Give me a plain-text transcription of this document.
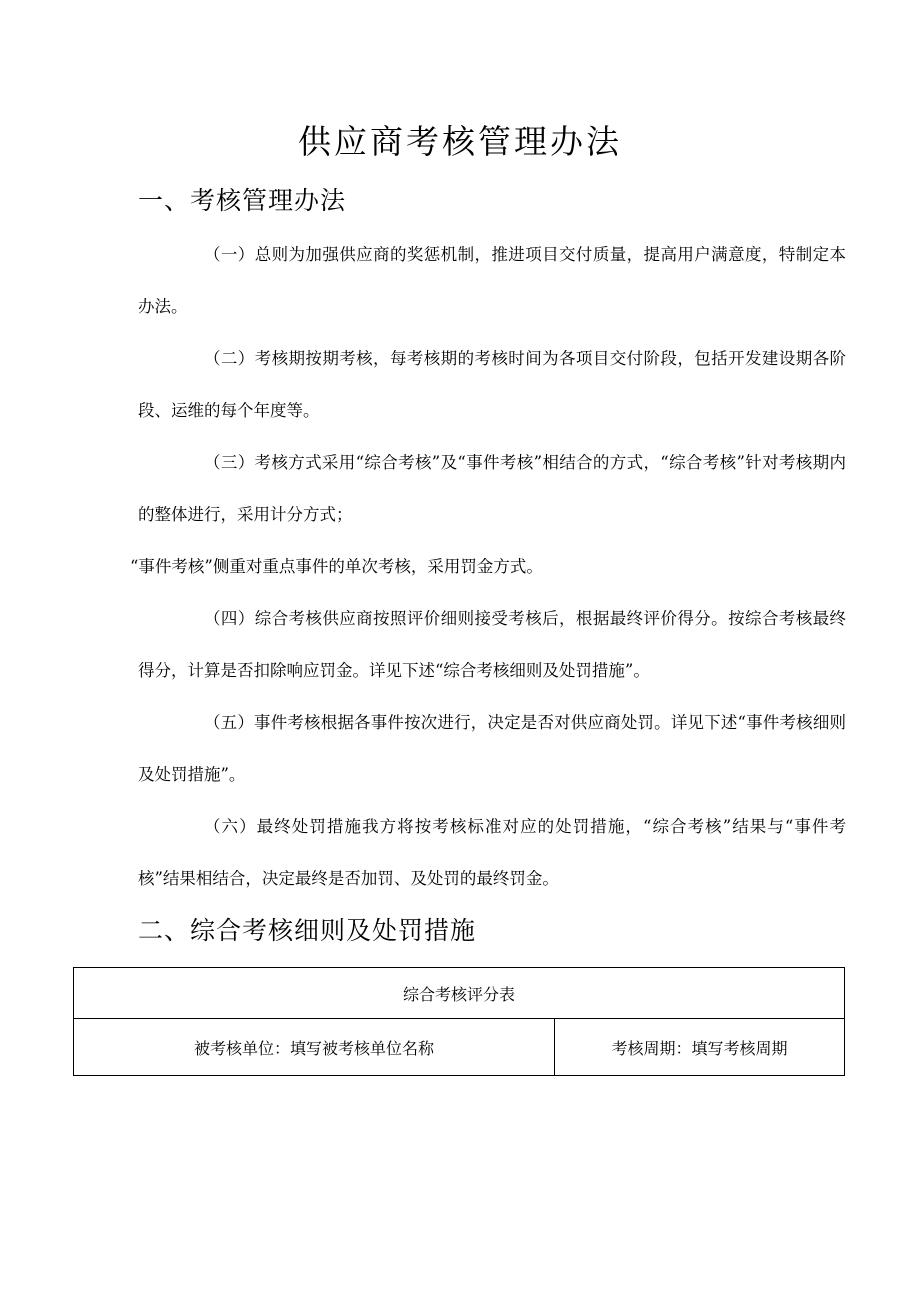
供应商考核管理办法
一、考核管理办法

（一）总则为加强供应商的奖惩机制，推进项目交付质量，提高用户满意度，特制定本办法。

（二）考核期按期考核，每考核期的考核时间为各项目交付阶段，包括开发建设期各阶段、运维的每个年度等。

（三）考核方式采用“综合考核”及“事件考核”相结合的方式，“综合考核”针对考核期内的整体进行，采用计分方式；

“事件考核”侧重对重点事件的单次考核，采用罚金方式。

（四）综合考核供应商按照评价细则接受考核后，根据最终评价得分。按综合考核最终得分，计算是否扣除响应罚金。详见下述“综合考核细则及处罚措施”。

（五）事件考核根据各事件按次进行，决定是否对供应商处罚。详见下述“事件考核细则及处罚措施”。

（六）最终处罚措施我方将按考核标准对应的处罚措施，“综合考核”结果与“事件考核”结果相结合，决定最终是否加罚、及处罚的最终罚金。

二、综合考核细则及处罚措施
综合考核评分表
被考核单位：填写被考核单位名称	考核周期：填写考核周期
